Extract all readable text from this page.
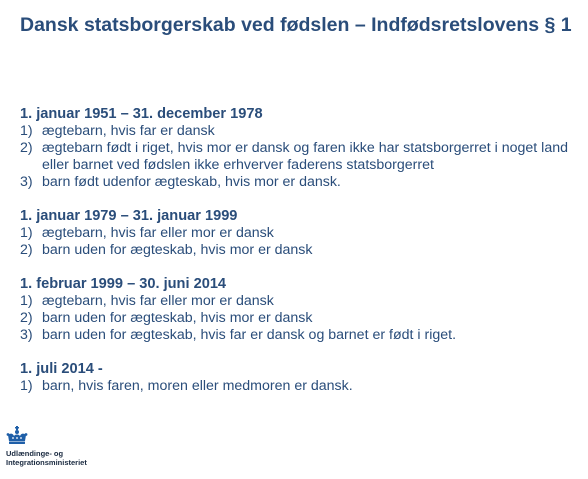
Dansk statsborgerskab ved fødslen – Indfødsretslovens § 1
1. januar 1951 – 31. december 1978
1) ægtebarn, hvis far er dansk
2) ægtebarn født i riget, hvis mor er dansk og faren ikke har statsborgerret i noget land eller barnet ved fødslen ikke erhverver faderens statsborgerret
3) barn født udenfor ægteskab, hvis mor er dansk.
1. januar 1979 – 31. januar 1999
1) ægtebarn, hvis far eller mor er dansk
2) barn uden for ægteskab, hvis mor er dansk
1. februar 1999 – 30. juni 2014
1) ægtebarn, hvis far eller mor er dansk
2) barn uden for ægteskab, hvis mor er dansk
3) barn uden for ægteskab, hvis far er dansk og barnet er født i riget.
1. juli 2014 -
1) barn, hvis faren, moren eller medmoren er dansk.
Udlændinge- og
Integrationsministeriet
